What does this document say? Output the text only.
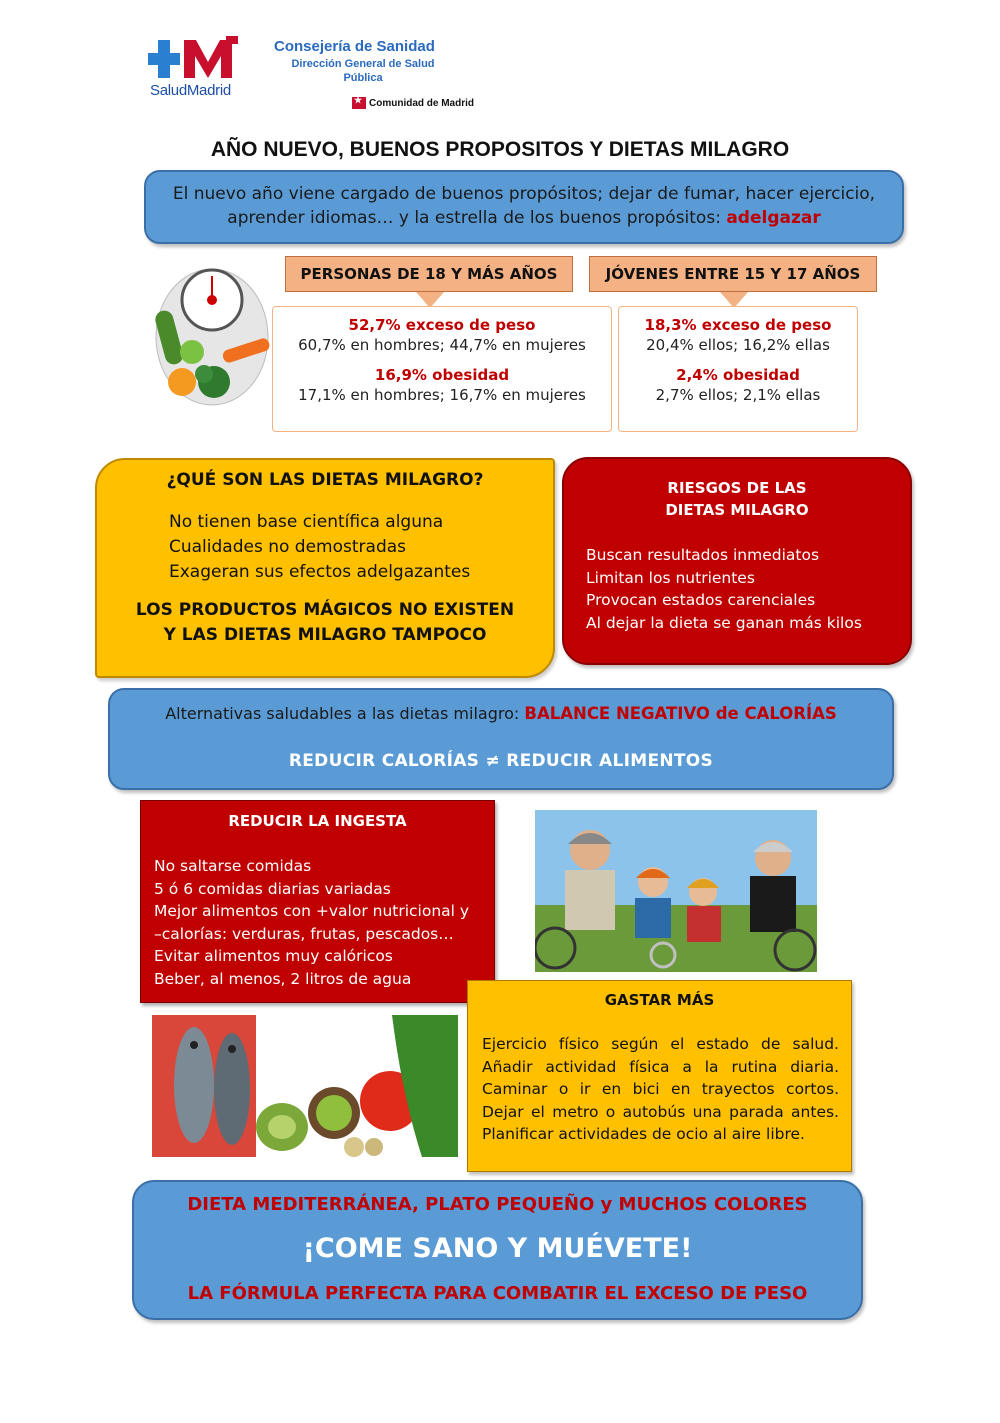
SaludMadrid
Consejería de Sanidad
Dirección General de Salud Pública
★
Comunidad de Madrid
AÑO NUEVO, BUENOS PROPOSITOS Y DIETAS MILAGRO
El nuevo año viene cargado de buenos propósitos; dejar de fumar, hacer ejercicio, aprender idiomas… y la estrella de los buenos propósitos: adelgazar
PERSONAS DE 18 Y MÁS AÑOS
52,7% exceso de peso
60,7% en hombres; 44,7% en mujeres
16,9% obesidad
17,1% en hombres; 16,7% en mujeres
JÓVENES ENTRE 15 Y 17 AÑOS
18,3% exceso de peso
20,4% ellos; 16,2% ellas
2,4% obesidad
2,7% ellos; 2,1% ellas
¿QUÉ SON LAS DIETAS MILAGRO?
No tienen base científica alguna
Cualidades no demostradas
Exageran sus efectos adelgazantes
LOS PRODUCTOS MÁGICOS NO EXISTEN
Y LAS DIETAS MILAGRO TAMPOCO
RIESGOS DE LAS
DIETAS MILAGRO
Buscan resultados inmediatos
Limitan los nutrientes
Provocan estados carenciales
Al dejar la dieta se ganan más kilos
Alternativas saludables a las dietas milagro: BALANCE NEGATIVO de CALORÍAS
REDUCIR CALORÍAS ≠ REDUCIR ALIMENTOS
REDUCIR LA INGESTA
No saltarse comidas
5 ó 6 comidas diarias variadas
Mejor alimentos con +valor nutricional y
–calorías: verduras, frutas, pescados…
Evitar alimentos muy calóricos
Beber, al menos, 2 litros de agua
GASTAR MÁS
Ejercicio físico según el estado de salud.
Añadir actividad física a la rutina diaria.
Caminar o ir en bici en trayectos cortos.
Dejar el metro o autobús una parada antes.
Planificar actividades de ocio al aire libre.
DIETA MEDITERRÁNEA, PLATO PEQUEÑO y MUCHOS COLORES
¡COME SANO Y MUÉVETE!
LA FÓRMULA PERFECTA PARA COMBATIR EL EXCESO DE PESO
